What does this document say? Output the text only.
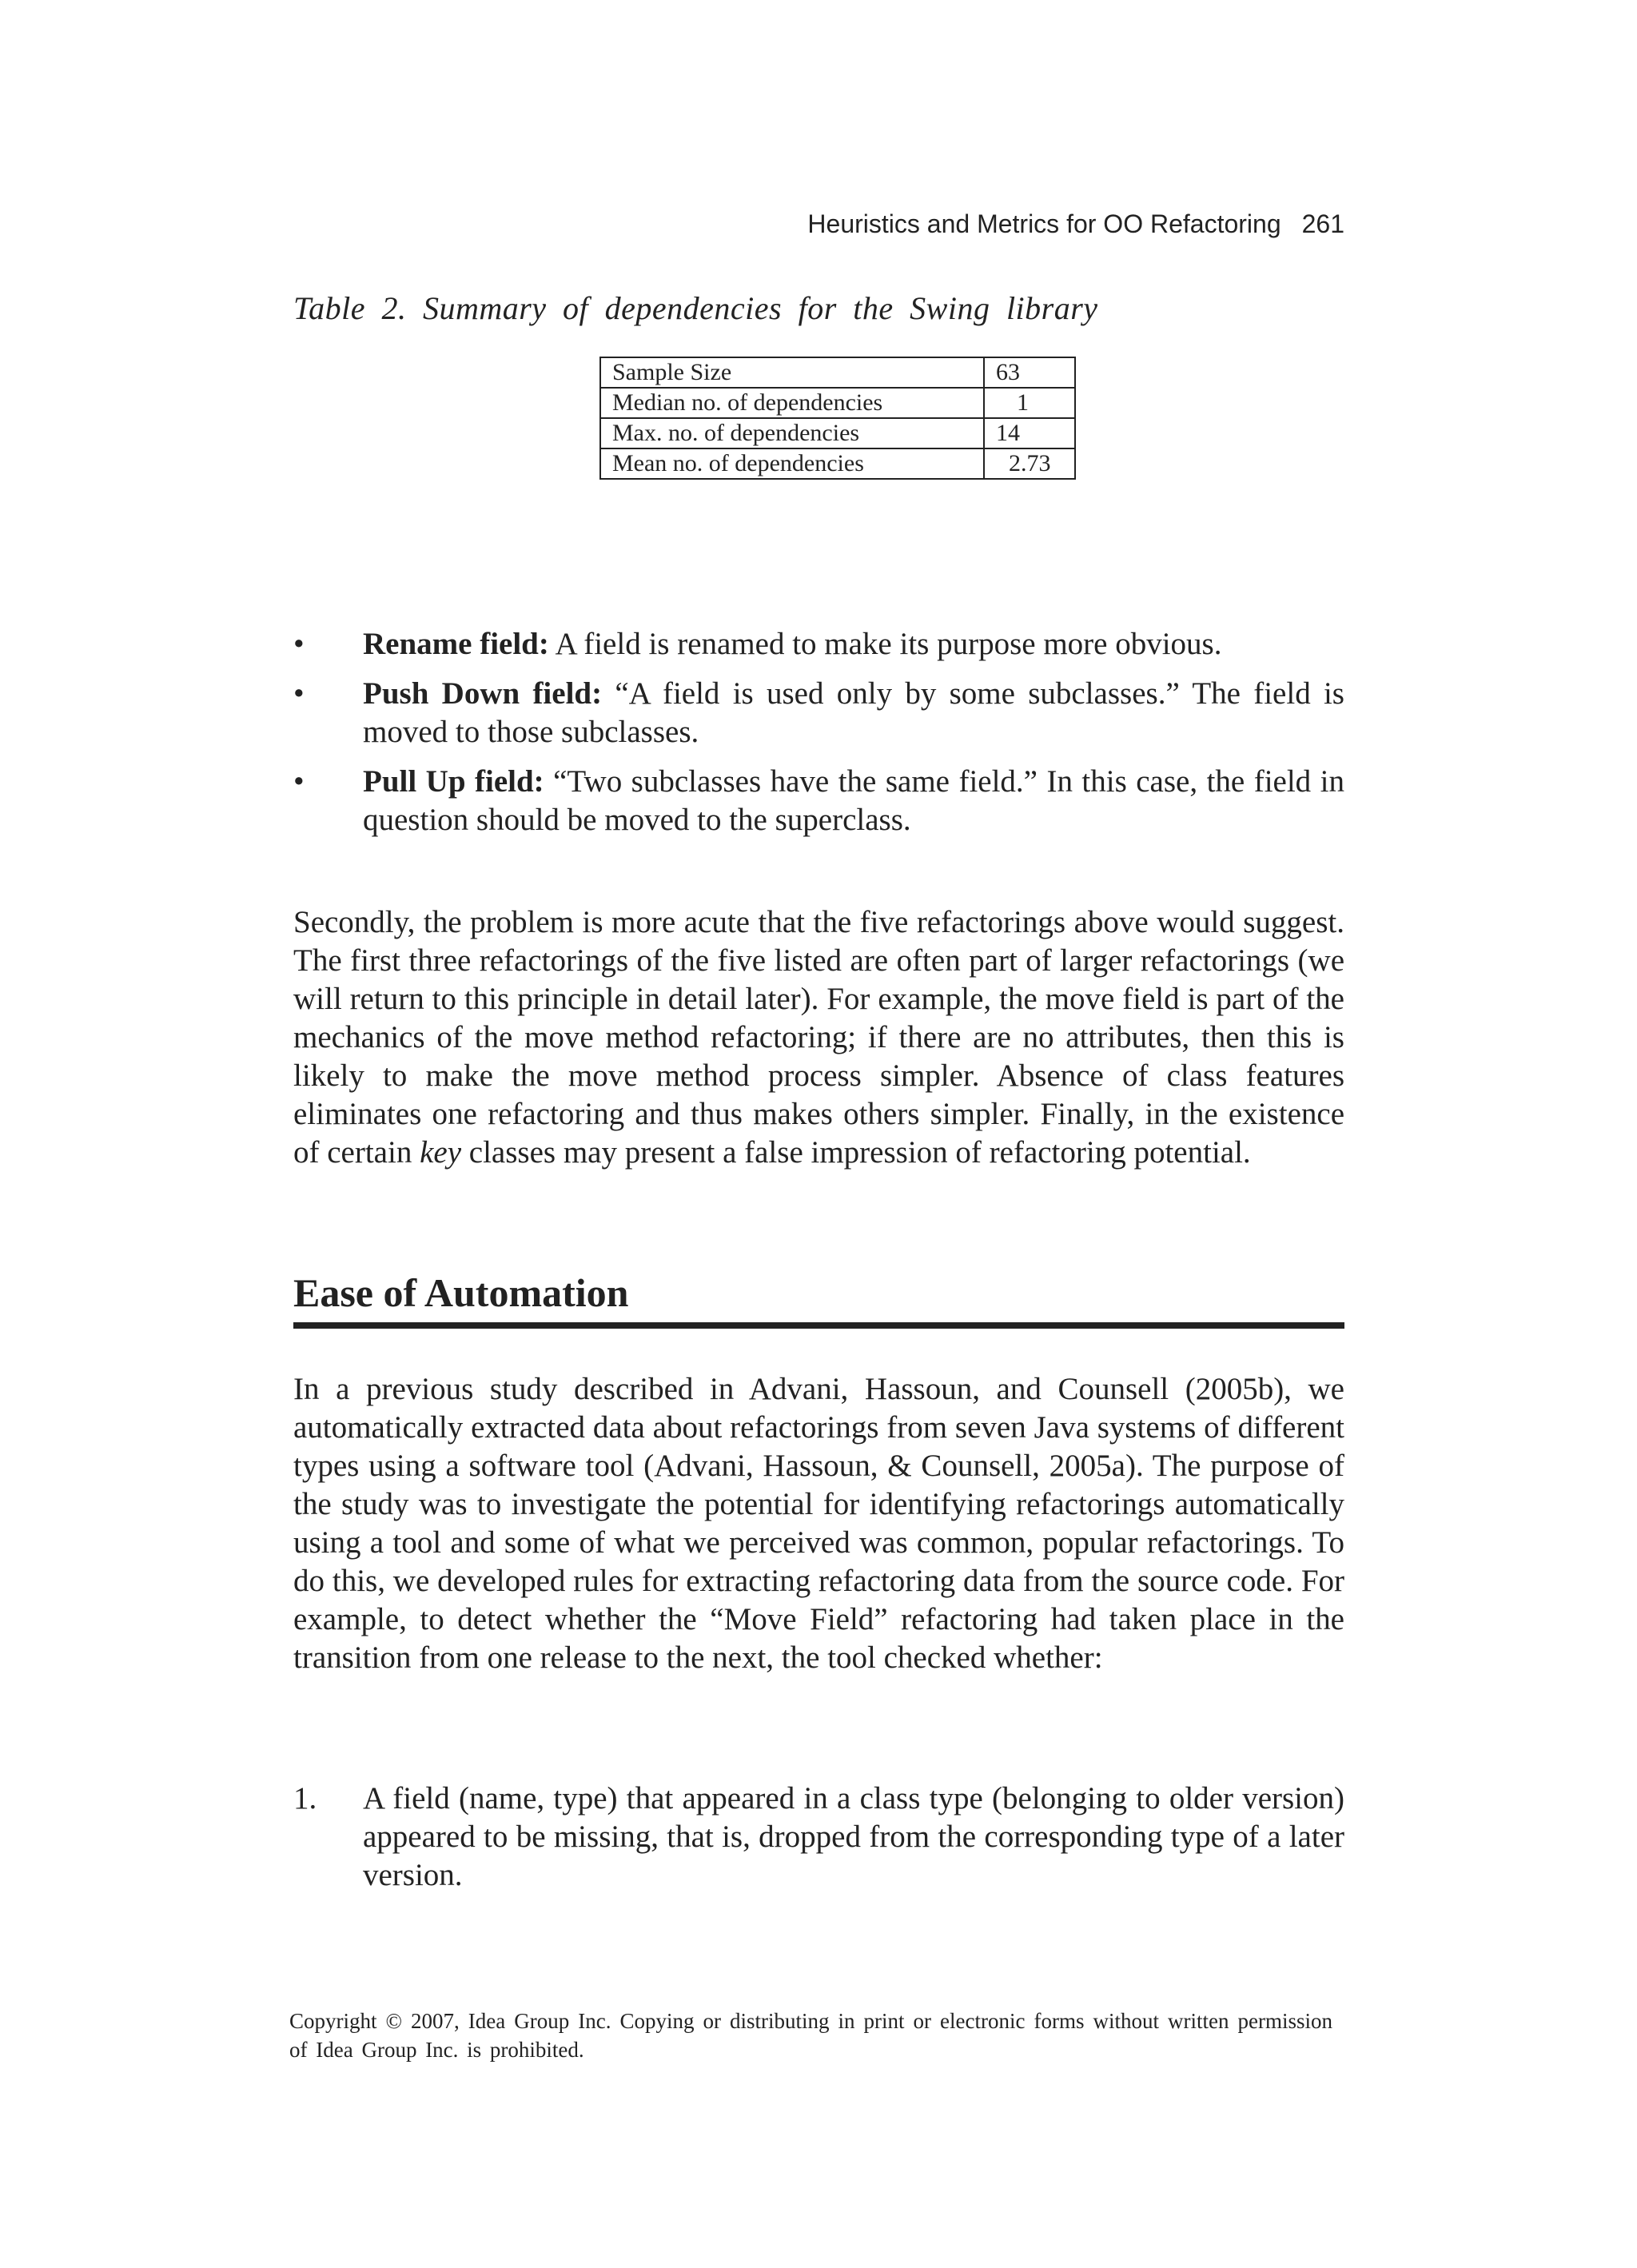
Heuristics and Metrics for OO Refactoring 261
Table 2. Summary of dependencies for the Swing library
Sample Size	63
Median no. of dependencies	1
Max. no. of dependencies	14
Mean no. of dependencies	2.73
• Rename field: A field is renamed to make its purpose more obvious.
• Push Down field: “A field is used only by some subclasses.” The field is moved to those subclasses.
• Pull Up field: “Two subclasses have the same field.” In this case, the field in question should be moved to the superclass.

Secondly, the problem is more acute that the five refactorings above would suggest. The first three refactorings of the five listed are often part of larger refactorings (we will return to this principle in detail later). For example, the move field is part of the mechanics of the move method refactoring; if there are no attributes, then this is likely to make the move method process simpler. Absence of class features eliminates one refactoring and thus makes others simpler. Finally, in the existence of certain key classes may present a false impression of refactoring potential.

Ease of Automation

In a previous study described in Advani, Hassoun, and Counsell (2005b), we automatically extracted data about refactorings from seven Java systems of different types using a software tool (Advani, Hassoun, & Counsell, 2005a). The purpose of the study was to investigate the potential for identifying refactorings automatically using a tool and some of what we perceived was common, popular refactorings. To do this, we developed rules for extracting refactoring data from the source code. For example, to detect whether the “Move Field” refactoring had taken place in the transition from one release to the next, the tool checked whether:

1. A field (name, type) that appeared in a class type (belonging to older version) appeared to be missing, that is, dropped from the corresponding type of a later version.
Copyright © 2007, Idea Group Inc. Copying or distributing in print or electronic forms without written permission of Idea Group Inc. is prohibited.
